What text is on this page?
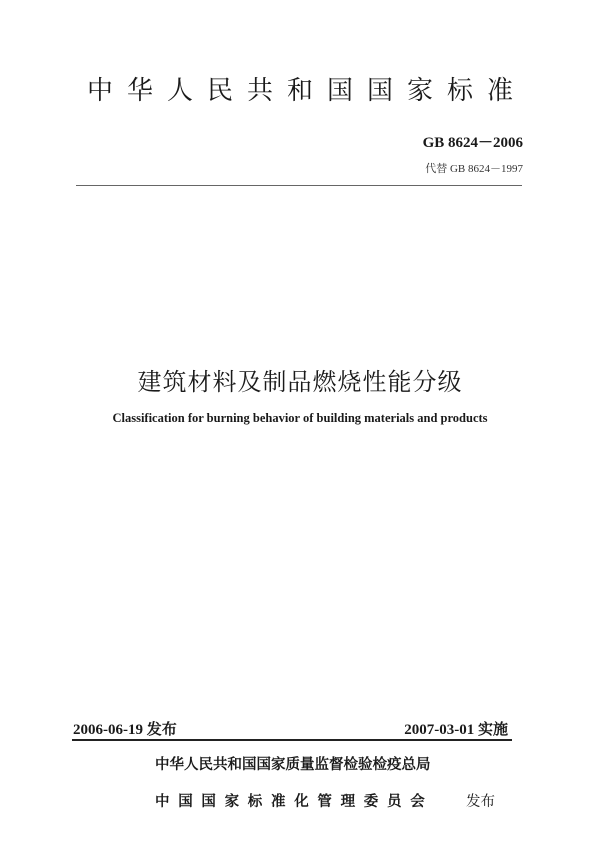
中华人民共和国国家标准
GB 8624－2006
代替 GB 8624－1997
建筑材料及制品燃烧性能分级
Classification for burning behavior of building materials and products
2006-06-19 发布	2007-03-01 实施
中华人民共和国国家质量监督检验检疫总局
中国国家标准化管理委员会 发布
